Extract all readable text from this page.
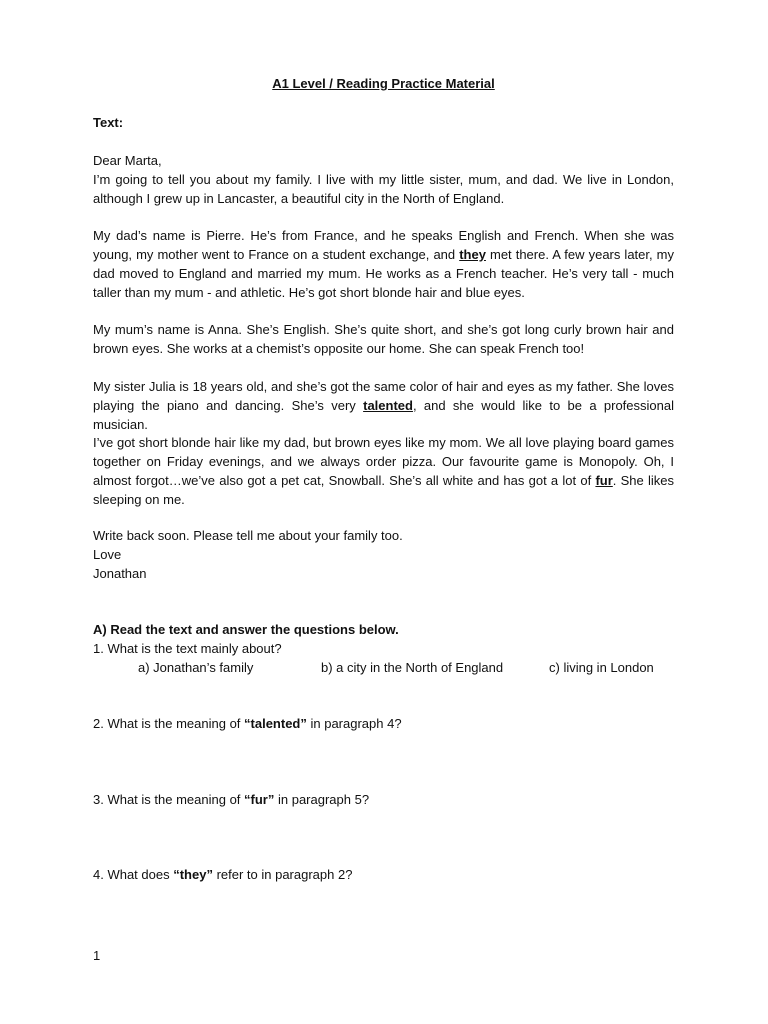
A1 Level / Reading Practice Material
Text:
Dear Marta,
I’m going to tell you about my family. I live with my little sister, mum, and dad. We live in London, although I grew up in Lancaster, a beautiful city in the North of England.
My dad’s name is Pierre. He’s from France, and he speaks English and French. When she was young, my mother went to France on a student exchange, and they met there. A few years later, my dad moved to England and married my mum. He works as a French teacher. He’s very tall - much taller than my mum - and athletic. He’s got short blonde hair and blue eyes.
My mum’s name is Anna. She’s English. She’s quite short, and she’s got long curly brown hair and brown eyes. She works at a chemist’s opposite our home. She can speak French too!
My sister Julia is 18 years old, and she’s got the same color of hair and eyes as my father. She loves playing the piano and dancing. She’s very talented, and she would like to be a professional musician.
I’ve got short blonde hair like my dad, but brown eyes like my mom. We all love playing board games together on Friday evenings, and we always order pizza. Our favourite game is Monopoly. Oh, I almost forgot…we’ve also got a pet cat, Snowball. She’s all white and has got a lot of fur. She likes sleeping on me.
Write back soon. Please tell me about your family too.
Love
Jonathan
A) Read the text and answer the questions below.
1. What is the text mainly about?
a) Jonathan’s family	b) a city in the North of England	c) living in London
2. What is the meaning of “talented” in paragraph 4?
3. What is the meaning of “fur” in paragraph 5?
4. What does “they” refer to in paragraph 2?
1
